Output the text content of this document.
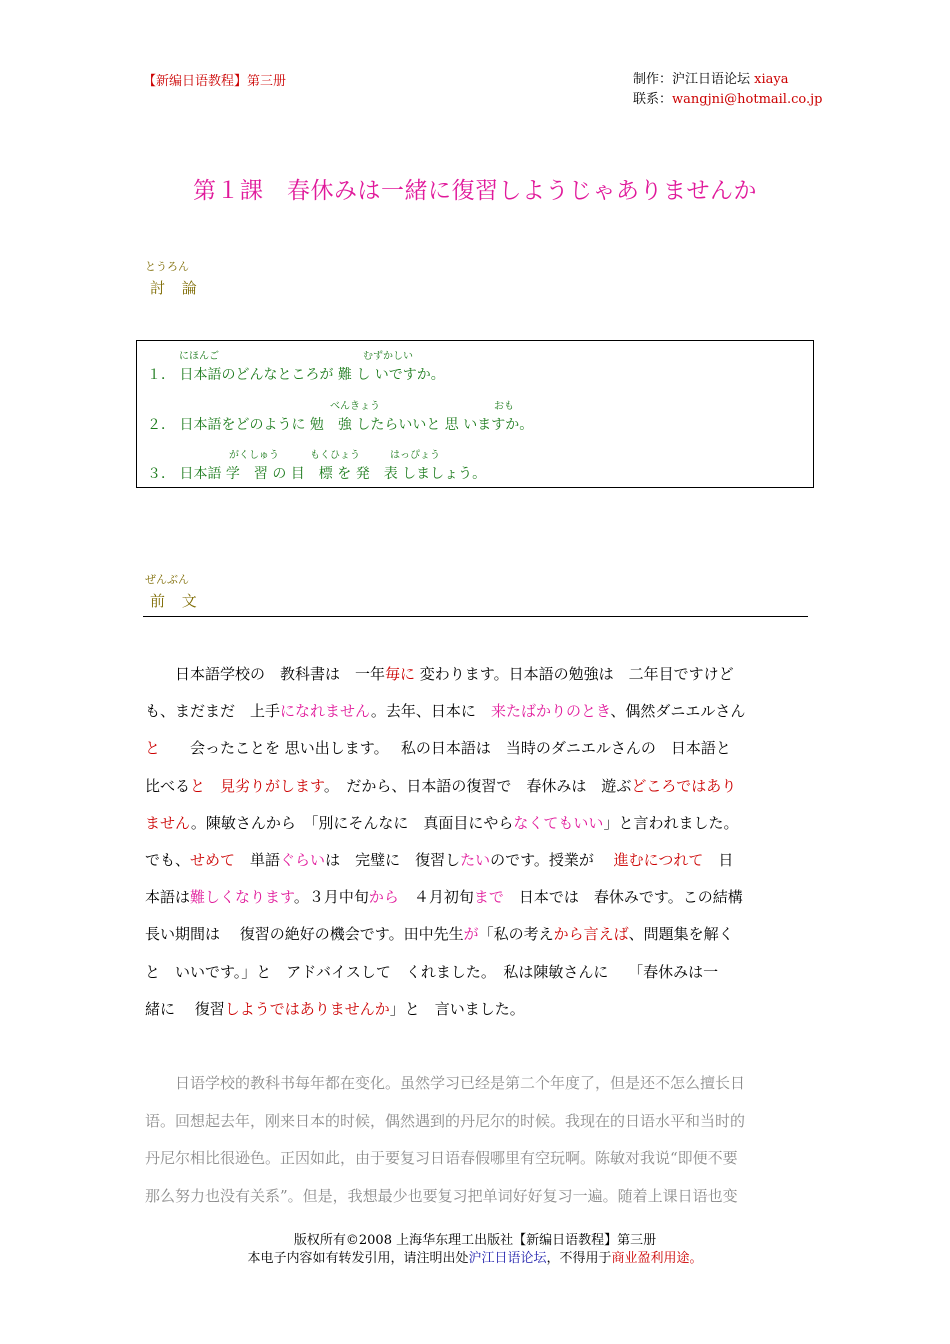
【新编日语教程】第三册	制作：沪江日语论坛 xiaya
联系：wangjni@hotmail.co.jp
第１課　春休みは一緒に復習しようじゃありませんか
とうろん
討 論
にほんご	むずかしい
１． 日本語のどんなところが 難 し いですか。
べんきょう	おも
２． 日本語をどのように 勉　強 したらいいと 思 いますか。
がくしゅう	もくひょう	はっぴょう
３． 日本語 学　習 の 目　標 を 発　表 しましょう。
ぜんぶん
前 文
　　日本語学校の　教科書は　一年毎に 変わります。日本語の勉強は　二年目ですけど
も、まだまだ　上手になれません。去年、日本に　来たばかりのとき、偶然ダニエルさん
と　　会ったことを 思い出します。　 私の日本語は　当時のダニエルさんの　日本語と
比べると　 見劣りがします。　だから、日本語の復習で　春休みは　遊ぶどころではあり
ません。陳敏さんから　「別にそんなに　真面目にやらなくてもいい」と言われました。
でも、せめて　単語ぐらいは　完璧に　復習したいのです。授業が　 進むにつれて　日
本語は難しくなります。３月中旬から　４月初旬まで　日本では　春休みです。この結構
長い期間は　 復習の絶好の機会です。田中先生が「私の考えから言えば、問題集を解く
と　いいです。」と　アドバイスして　くれました。　私は陳敏さんに　 「春休みは一
緒に　 復習しようではありませんか」と　言いました。
　　日语学校的教科书每年都在变化。虽然学习已经是第二个年度了，但是还不怎么擅长日
语。回想起去年，刚来日本的时候，偶然遇到的丹尼尔的时候。我现在的日语水平和当时的
丹尼尔相比很逊色。正因如此，由于要复习日语春假哪里有空玩啊。陈敏对我说“即便不要
那么努力也没有关系”。但是，我想最少也要复习把单词好好复习一遍。随着上课日语也变
版权所有©2008 上海华东理工出版社【新编日语教程】第三册
本电子内容如有转发引用，请注明出处沪江日语论坛，不得用于商业盈利用途。
